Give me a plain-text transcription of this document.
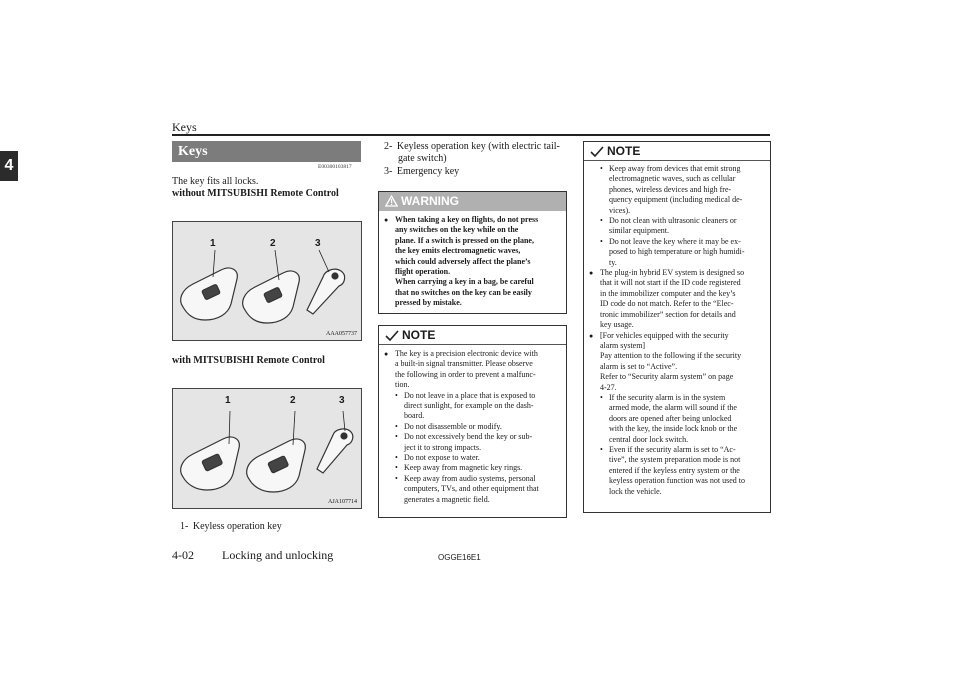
Keys
4
Keys
E00300103817
The key fits all locks.
without MITSUBISHI Remote Control
1	2	3
AAA057737
with MITSUBISHI Remote Control
1	2	3
AJA107714
1- Keyless operation key
2- Keyless operation key (with electric tail-
gate switch)
3- Emergency key
WARNING
● When taking a key on flights, do not press
any switches on the key while on the
plane. If a switch is pressed on the plane,
the key emits electromagnetic waves,
which could adversely affect the plane’s
flight operation.
When carrying a key in a bag, be careful
that no switches on the key can be easily
pressed by mistake.
NOTE
● The key is a precision electronic device with
a built-in signal transmitter. Please observe
the following in order to prevent a malfunc-
tion.
• Do not leave in a place that is exposed to
direct sunlight, for example on the dash-
board.
• Do not disassemble or modify.
• Do not excessively bend the key or sub-
ject it to strong impacts.
• Do not expose to water.
• Keep away from magnetic key rings.
• Keep away from audio systems, personal
computers, TVs, and other equipment that
generates a magnetic field.
NOTE
• Keep away from devices that emit strong
electromagnetic waves, such as cellular
phones, wireless devices and high fre-
quency equipment (including medical de-
vices).
• Do not clean with ultrasonic cleaners or
similar equipment.
• Do not leave the key where it may be ex-
posed to high temperature or high humidi-
ty.
● The plug-in hybrid EV system is designed so
that it will not start if the ID code registered
in the immobilizer computer and the key’s
ID code do not match. Refer to the “Elec-
tronic immobilizer” section for details and
key usage.
● [For vehicles equipped with the security
alarm system]
Pay attention to the following if the security
alarm is set to “Active”.
Refer to “Security alarm system” on page
4-27.
• If the security alarm is in the system
armed mode, the alarm will sound if the
doors are opened after being unlocked
with the key, the inside lock knob or the
central door lock switch.
• Even if the security alarm is set to “Ac-
tive”, the system preparation mode is not
entered if the keyless entry system or the
keyless operation function was not used to
lock the vehicle.
4-02 Locking and unlocking	OGGE16E1
